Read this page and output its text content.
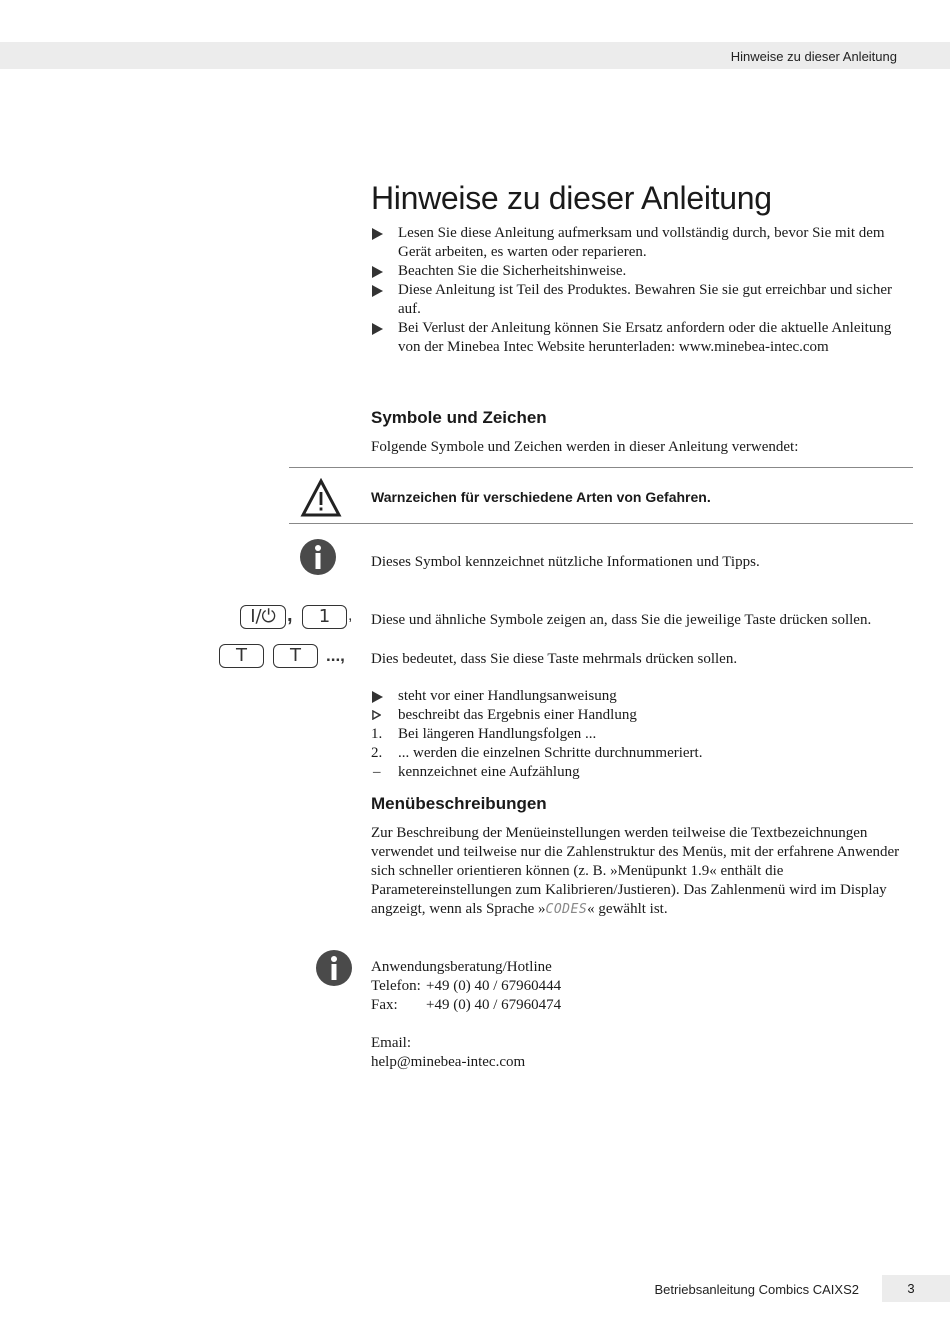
Hinweise zu dieser Anleitung
Hinweise zu dieser Anleitung
Lesen Sie diese Anleitung aufmerksam und vollständig durch, bevor Sie mit dem Gerät arbeiten, es warten oder reparieren.
Beachten Sie die Sicherheitshinweise.
Diese Anleitung ist Teil des Produktes. Bewahren Sie sie gut erreichbar und sicher auf.
Bei Verlust der Anleitung können Sie Ersatz anfordern oder die aktuelle Anleitung von der Minebea Intec Website herunterladen: www.minebea-intec.com
Symbole und Zeichen

Folgende Symbole und Zeichen werden in dieser Anleitung verwendet:

Warnzeichen für verschiedene Arten von Gefahren.

Dieses Symbol kennzeichnet nützliche Informationen und Tipps.

I/⏻ ,	1	, Diese und ähnliche Symbole zeigen an, dass Sie die jeweilige Taste drücken sollen.

T	T	..., Dies bedeutet, dass Sie diese Taste mehrmals drücken sollen.

steht vor einer Handlungsanweisung
beschreibt das Ergebnis einer Handlung
1. Bei längeren Handlungsfolgen ...
2. ... werden die einzelnen Schritte durchnummeriert.
– kennzeichnet eine Aufzählung
Menübeschreibungen

Zur Beschreibung der Menüeinstellungen werden teilweise die Textbezeichnungen verwendet und teilweise nur die Zahlenstruktur des Menüs, mit der erfahrene Anwender sich schneller orientieren können (z. B. »Menüpunkt 1.9« enthält die Parametereinstellungen zum Kalibrieren/Justieren). Das Zahlenmenü wird im Display angzeigt, wenn als Sprache »CODES« gewählt ist.

Anwendungsberatung/Hotline
Telefon: +49 (0) 40 / 67960444
Fax:	+49 (0) 40 / 67960474
Email:
help@minebea-intec.com
Betriebsanleitung Combics CAIXS2	3
